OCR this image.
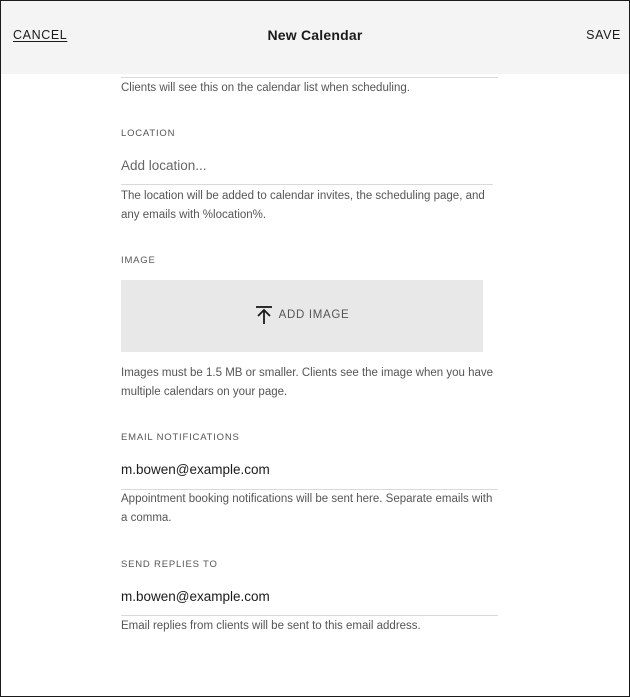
CANCEL	New Calendar	SAVE
Clients will see this on the calendar list when scheduling.
LOCATION
Add location...
The location will be added to calendar invites, the scheduling page, and any emails with %location%.
IMAGE
ADD IMAGE
Images must be 1.5 MB or smaller. Clients see the image when you have multiple calendars on your page.
EMAIL NOTIFICATIONS
m.bowen@example.com
Appointment booking notifications will be sent here. Separate emails with a comma.
SEND REPLIES TO
m.bowen@example.com
Email replies from clients will be sent to this email address.
